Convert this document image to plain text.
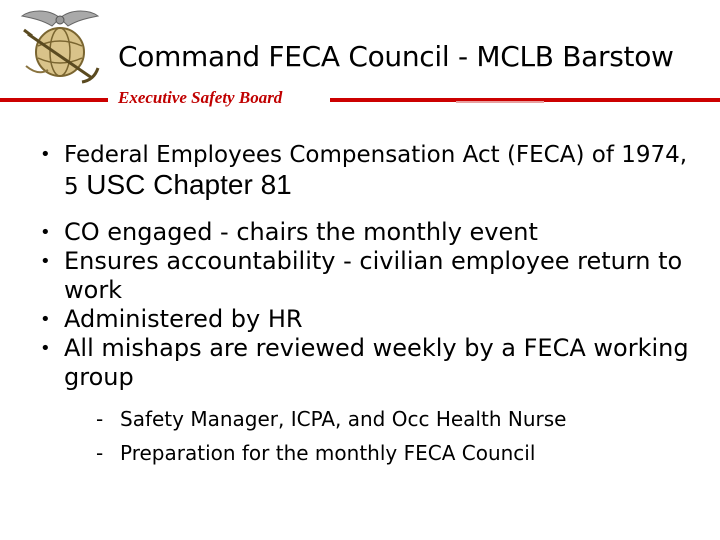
Command FECA Council - MCLB Barstow
Executive Safety Board
• Federal Employees Compensation Act (FECA) of 1974, 5 USC Chapter 81
• CO engaged - chairs the monthly event
• Ensures accountability - civilian employee return to work
• Administered by HR
• All mishaps are reviewed weekly by a FECA working group
- Safety Manager, ICPA, and Occ Health Nurse
- Preparation for the monthly FECA Council
